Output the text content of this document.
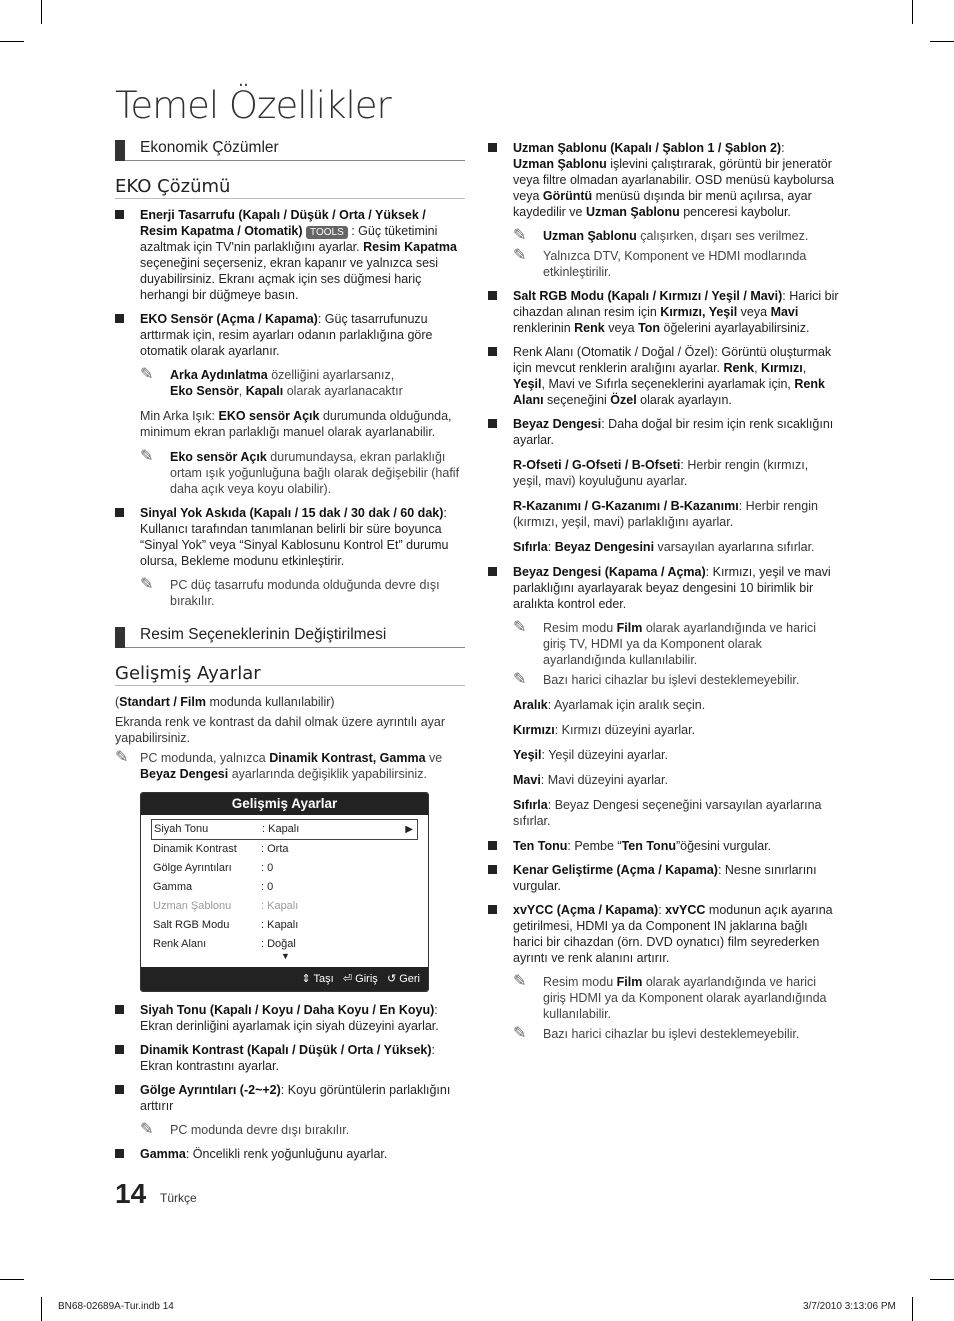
Temel Özellikler
Ekonomik Çözümler
EKO Çözümü
Enerji Tasarrufu (Kapalı / Düşük / Orta / Yüksek / Resim Kapatma / Otomatik) TOOLS : Güç tüketimini azaltmak için TV'nin parlaklığını ayarlar. Resim Kapatma seçeneğini seçerseniz, ekran kapanır ve yalnızca sesi duyabilirsiniz. Ekranı açmak için ses düğmesi hariç herhangi bir düğmeye basın.
EKO Sensör (Açma / Kapama): Güç tasarrufunuzu arttırmak için, resim ayarları odanın parlaklığına göre otomatik olarak ayarlanır.
✎ Arka Aydınlatma özelliğini ayarlarsanız,
Eko Sensör, Kapalı olarak ayarlanacaktır
Min Arka Işık: EKO sensör Açık durumunda olduğunda, minimum ekran parlaklığı manuel olarak ayarlanabilir.
✎ Eko sensör Açık durumundaysa, ekran parlaklığı ortam ışık yoğunluğuna bağlı olarak değişebilir (hafif daha açık veya koyu olabilir).
Sinyal Yok Askıda (Kapalı / 15 dak / 30 dak / 60 dak): Kullanıcı tarafından tanımlanan belirli bir süre boyunca “Sinyal Yok” veya “Sinyal Kablosunu Kontrol Et” durumu olursa, Bekleme modunu etkinleştirir.
✎ PC düç tasarrufu modunda olduğunda devre dışı bırakılır.
Resim Seçeneklerinin Değiştirilmesi
Gelişmiş Ayarlar
(Standart / Film modunda kullanılabilir)
Ekranda renk ve kontrast da dahil olmak üzere ayrıntılı ayar yapabilirsiniz.
✎ PC modunda, yalnızca Dinamik Kontrast, Gamma ve Beyaz Dengesi ayarlarında değişiklik yapabilirsiniz.
Gelişmiş Ayarlar
Siyah Tonu	: Kapalı	▶
Dinamik Kontrast : Orta
Gölge Ayrıntıları	: 0
Gamma	: 0
Uzman Şablonu	: Kapalı
Salt RGB Modu	: Kapalı
Renk Alanı	: Doğal
▼
⇕ Taşı ⏎ Giriş ↺ Geri
Siyah Tonu (Kapalı / Koyu / Daha Koyu / En Koyu): Ekran derinliğini ayarlamak için siyah düzeyini ayarlar.
Dinamik Kontrast (Kapalı / Düşük / Orta / Yüksek): Ekran kontrastını ayarlar.
Gölge Ayrıntıları (-2~+2): Koyu görüntülerin parlaklığını arttırır
✎ PC modunda devre dışı bırakılır.
Gamma: Öncelikli renk yoğunluğunu ayarlar.
Uzman Şablonu (Kapalı / Şablon 1 / Şablon 2):
Uzman Şablonu işlevini çalıştırarak, görüntü bir jeneratör veya filtre olmadan ayarlanabilir. OSD menüsü kaybolursa veya Görüntü menüsü dışında bir menü açılırsa, ayar kaydedilir ve Uzman Şablonu penceresi kaybolur.
✎ Uzman Şablonu çalışırken, dışarı ses verilmez.
✎ Yalnızca DTV, Komponent ve HDMI modlarında etkinleştirilir.
Salt RGB Modu (Kapalı / Kırmızı / Yeşil / Mavi): Harici bir cihazdan alınan resim için Kırmızı, Yeşil veya Mavi renklerinin Renk veya Ton öğelerini ayarlayabilirsiniz.
Renk Alanı (Otomatik / Doğal / Özel): Görüntü oluşturmak için mevcut renklerin aralığını ayarlar. Renk, Kırmızı, Yeşil, Mavi ve Sıfırla seçeneklerini ayarlamak için, Renk Alanı seçeneğini Özel olarak ayarlayın.
Beyaz Dengesi: Daha doğal bir resim için renk sıcaklığını ayarlar.
R-Ofseti / G-Ofseti / B-Ofseti: Herbir rengin (kırmızı, yeşil, mavi) koyuluğunu ayarlar.
R-Kazanımı / G-Kazanımı / B-Kazanımı: Herbir rengin (kırmızı, yeşil, mavi) parlaklığını ayarlar.
Sıfırla: Beyaz Dengesini varsayılan ayarlarına sıfırlar.
Beyaz Dengesi (Kapama / Açma): Kırmızı, yeşil ve mavi parlaklığını ayarlayarak beyaz dengesini 10 birimlik bir aralıkta kontrol eder.
✎ Resim modu Film olarak ayarlandığında ve harici giriş TV, HDMI ya da Komponent olarak ayarlandığında kullanılabilir.
✎ Bazı harici cihazlar bu işlevi desteklemeyebilir.
Aralık: Ayarlamak için aralık seçin.
Kırmızı: Kırmızı düzeyini ayarlar.
Yeşil: Yeşil düzeyini ayarlar.
Mavi: Mavi düzeyini ayarlar.
Sıfırla: Beyaz Dengesi seçeneğini varsayılan ayarlarına sıfırlar.
Ten Tonu: Pembe “Ten Tonu”öğesini vurgular.
Kenar Geliştirme (Açma / Kapama): Nesne sınırlarını vurgular.
xvYCC (Açma / Kapama): xvYCC modunun açık ayarına getirilmesi, HDMI ya da Component IN jaklarına bağlı harici bir cihazdan (örn. DVD oynatıcı) film seyrederken ayrıntı ve renk alanını artırır.
✎ Resim modu Film olarak ayarlandığında ve harici giriş HDMI ya da Komponent olarak ayarlandığında kullanılabilir.
✎ Bazı harici cihazlar bu işlevi desteklemeyebilir.
14 Türkçe
BN68-02689A-Tur.indb 14	3/7/2010 3:13:06 PM
